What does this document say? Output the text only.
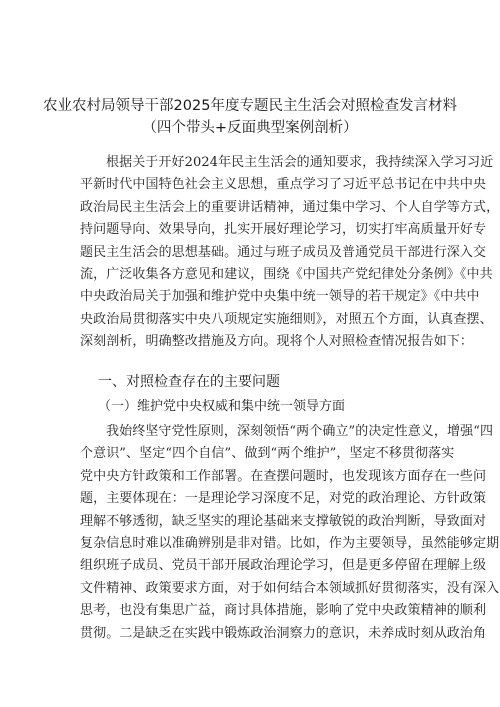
农业农村局领导干部2025年度专题民主生活会对照检查发言材料
（四个带头+反面典型案例剖析）
根据关于开好2024年民主生活会的通知要求，我持续深入学习习近
平新时代中国特色社会主义思想，重点学习了习近平总书记在中共中央
政治局民主生活会上的重要讲话精神，通过集中学习、个人自学等方式，
持问题导向、效果导向，扎实开展好理论学习，切实打牢高质量开好专
题民主生活会的思想基础。通过与班子成员及普通党员干部进行深入交
流，广泛收集各方意见和建议，围绕《中国共产党纪律处分条例》《中共
中央政治局关于加强和维护党中央集中统一领导的若干规定》《中共中
央政治局贯彻落实中央八项规定实施细则》，对照五个方面，认真查摆、
深刻剖析，明确整改措施及方向。现将个人对照检查情况报告如下：
一、对照检查存在的主要问题
（一）维护党中央权威和集中统一领导方面
我始终坚守党性原则，深刻领悟“两个确立”的决定性意义，增强“四
个意识”、坚定“四个自信”、做到“两个维护”，坚定不移贯彻落实
党中央方针政策和工作部署。在查摆问题时，也发现该方面存在一些问
题，主要体现在：一是理论学习深度不足，对党的政治理论、方针政策
理解不够透彻，缺乏坚实的理论基础来支撑敏锐的政治判断，导致面对
复杂信息时难以准确辨别是非对错。比如，作为主要领导，虽然能够定期
组织班子成员、党员干部开展政治理论学习，但是更多停留在理解上级
文件精神、政策要求方面，对于如何结合本领域抓好贯彻落实，没有深入
思考，也没有集思广益，商讨具体措施，影响了党中央政策精神的顺利
贯彻。二是缺乏在实践中锻炼政治洞察力的意识，未养成时刻从政治角
